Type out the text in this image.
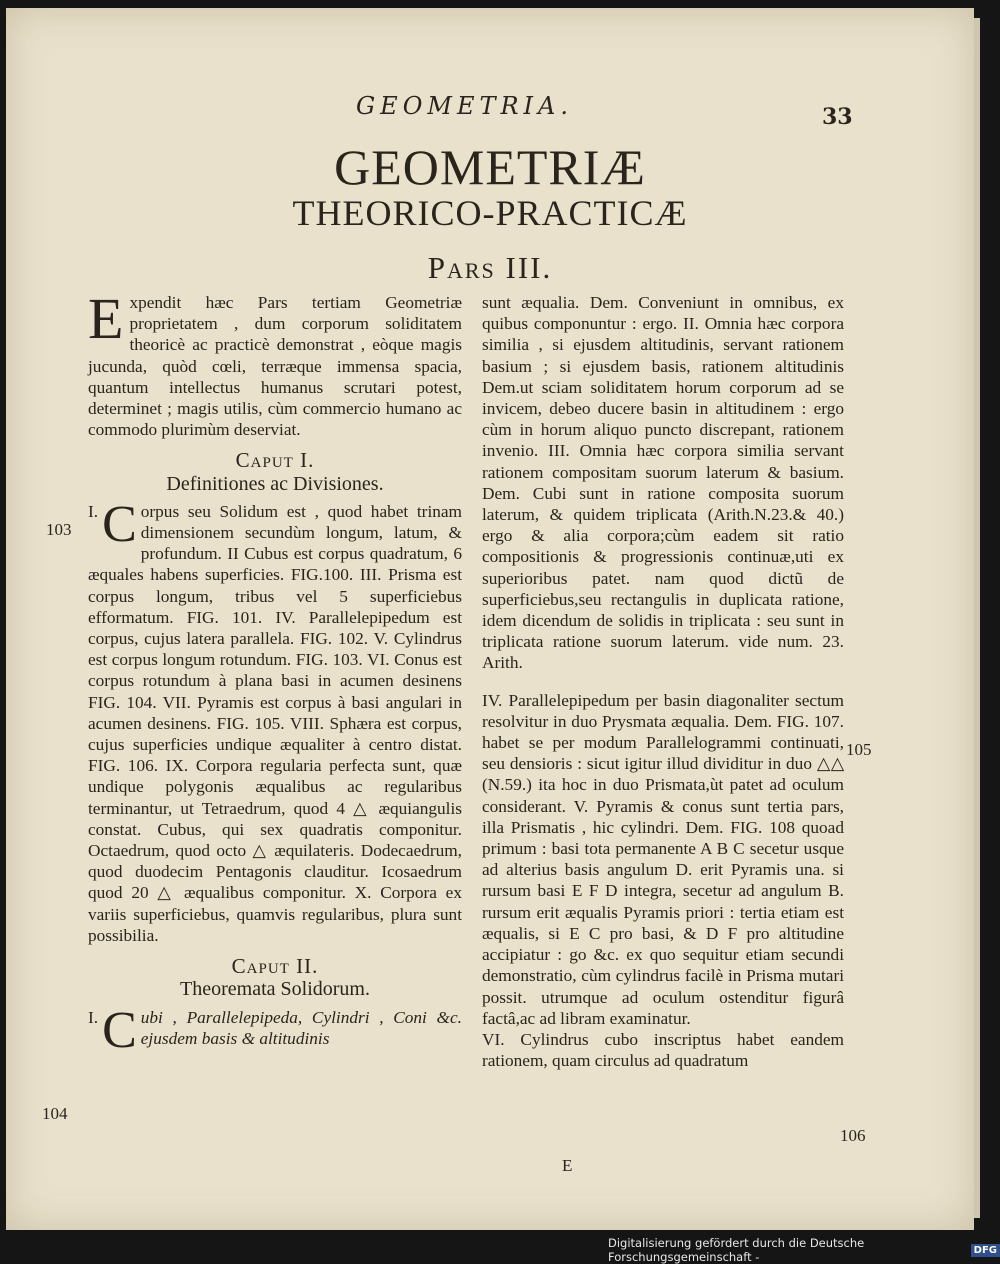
GEOMETRIA.	33
GEOMETRIÆ
THEORICO-PRACTICÆ
Pars III.

Expendit hæc Pars tertiam Geometriæ proprietatem , dum corporum soliditatem theoricè ac practicè demonstrat , eòque magis jucunda, quòd cœli, terræque immensa spacia, quantum intellectus humanus scrutari potest, determinet ; magis utilis, cùm commercio humano ac commodo plurimùm deserviat.

Caput I.
Definitiones ac Divisiones.

I. C orpus seu Solidum est , quod habet trinam dimensionem secundùm longum, latum, & profundum. II Cubus est corpus quadratum, 6 æquales habens superficies. FIG.100. III. Prisma est corpus longum, tribus vel 5 superficiebus efformatum. FIG. 101. IV. Parallelepipedum est corpus, cujus latera parallela. FIG. 102. V. Cylindrus est corpus longum rotundum. FIG. 103. VI. Conus est corpus rotundum à plana basi in acumen desinens FIG. 104. VII. Pyramis est corpus à basi angulari in acumen desinens. FIG. 105. VIII. Sphæra est corpus, cujus superficies undique æqualiter à centro distat. FIG. 106. IX. Corpora regularia perfecta sunt, quæ undique polygonis æqualibus ac regularibus terminantur, ut Tetraedrum, quod 4 △ æquiangulis constat. Cubus, qui sex quadratis componitur. Octaedrum, quod octo △ æquilateris. Dodecaedrum, quod duodecim Pentagonis clauditur. Icosaedrum quod 20 △ æqualibus componitur. X. Corpora ex variis superficiebus, quamvis regularibus, plura sunt possibilia.

Caput II.
Theoremata Solidorum.

I. C ubi , Parallelepipeda, Cylindri , Coni &c. ejusdem basis & altitudinis

sunt æqualia. Dem. Conveniunt in omnibus, ex quibus componuntur : ergo. II. Omnia hæc corpora similia , si ejusdem altitudinis, servant rationem basium ; si ejusdem basis, rationem altitudinis Dem.ut sciam soliditatem horum corporum ad se invicem, debeo ducere basin in altitudinem : ergo cùm in horum aliquo puncto discrepant, rationem invenio. III. Omnia hæc corpora similia servant rationem compositam suorum laterum & basium. Dem. Cubi sunt in ratione composita suorum laterum, & quidem triplicata (Arith.N.23.& 40.) ergo & alia corpora;cùm eadem sit ratio compositionis & progressionis continuæ,uti ex superioribus patet. nam quod dictũ de superficiebus,seu rectangulis in duplicata ratione, idem dicendum de solidis in triplicata : seu sunt in triplicata ratione suorum laterum. vide num. 23. Arith.

IV. Parallelepipedum per basin diagonaliter sectum resolvitur in duo Prysmata æqualia. Dem. FIG. 107. habet se per modum Parallelogrammi continuati, seu densioris : sicut igitur illud dividitur in duo △△ (N.59.) ita hoc in duo Prismata,ùt patet ad oculum considerant. V. Pyramis & conus sunt tertia pars, illa Prismatis , hic cylindri. Dem. FIG. 108 quoad primum : basi tota permanente A B C secetur usque ad alterius basis angulum D. erit Pyramis una. si rursum basi E F D integra, secetur ad angulum B. rursum erit æqualis Pyramis priori : tertia etiam est æqualis, si E C pro basi, & D F pro altitudine accipiatur : go &c. ex quo sequitur etiam secundi demonstratio, cùm cylindrus facilè in Prisma mutari possit. utrumque ad oculum ostenditur figurâ factâ,ac ad libram examinatur.

VI. Cylindrus cubo inscriptus habet eandem rationem, quam circulus ad quadratum

103
104
105
106
E
Digitalisierung gefördert durch die Deutsche Forschungsgemeinschaft -	DFG
